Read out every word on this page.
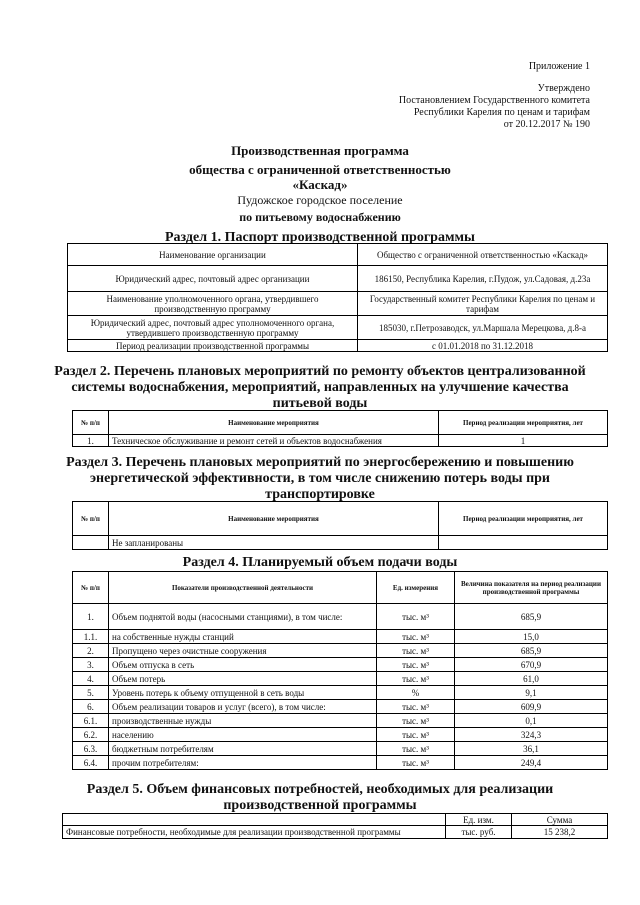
Приложение 1
Утверждено
Постановлением Государственного комитета
Республики Карелия по ценам и тарифам
от 20.12.2017 № 190
Производственная программа
общества с ограниченной ответственностью
«Каскад»
Пудожское городское поселение
по питьевому водоснабжению
Раздел 1. Паспорт производственной программы
Наименование организации	Общество с ограниченной ответственностью «Каскад»
Юридический адрес, почтовый адрес организации	186150, Республика Карелия, г.Пудож, ул.Садовая, д.23а
Наименование уполномоченного органа, утвердившего производственную программу	Государственный комитет Республики Карелия по ценам и тарифам
Юридический адрес, почтовый адрес уполномоченного органа, утвердившего производственную программу	185030, г.Петрозаводск, ул.Маршала Мерецкова, д.8-а
Период реализации производственной программы	с 01.01.2018 по 31.12.2018
Раздел 2. Перечень плановых мероприятий по ремонту объектов централизованной
системы водоснабжения, мероприятий, направленных на улучшение качества
питьевой воды
№ п/п	Наименование мероприятия	Период реализации мероприятия, лет
1.	Техническое обслуживание и ремонт сетей и объектов водоснабжения	1
Раздел 3. Перечень плановых мероприятий по энергосбережению и повышению
энергетической эффективности, в том числе снижению потерь воды при
транспортировке
№ п/п	Наименование мероприятия	Период реализации мероприятия, лет
	Не запланированы	
Раздел 4. Планируемый объем подачи воды
№ п/п	Показатели производственной деятельности	Ед. измерения	Величина показателя на период реализации производственной программы
1.	Объем поднятой воды (насосными станциями), в том числе:	тыс. м³	685,9
1.1.	на собственные нужды станций	тыс. м³	15,0
2.	Пропущено через очистные сооружения	тыс. м³	685,9
3.	Объем отпуска в сеть	тыс. м³	670,9
4.	Объем потерь	тыс. м³	61,0
5.	Уровень потерь к объему отпущенной в сеть воды	%	9,1
6.	Объем реализации товаров и услуг (всего), в том числе:	тыс. м³	609,9
6.1.	производственные нужды	тыс. м³	0,1
6.2.	населению	тыс. м³	324,3
6.3.	бюджетным потребителям	тыс. м³	36,1
6.4.	прочим потребителям:	тыс. м³	249,4
Раздел 5. Объем финансовых потребностей, необходимых для реализации
производственной программы
	Ед. изм.	Сумма
Финансовые потребности, необходимые для реализации производственной программы	тыс. руб.	15 238,2
